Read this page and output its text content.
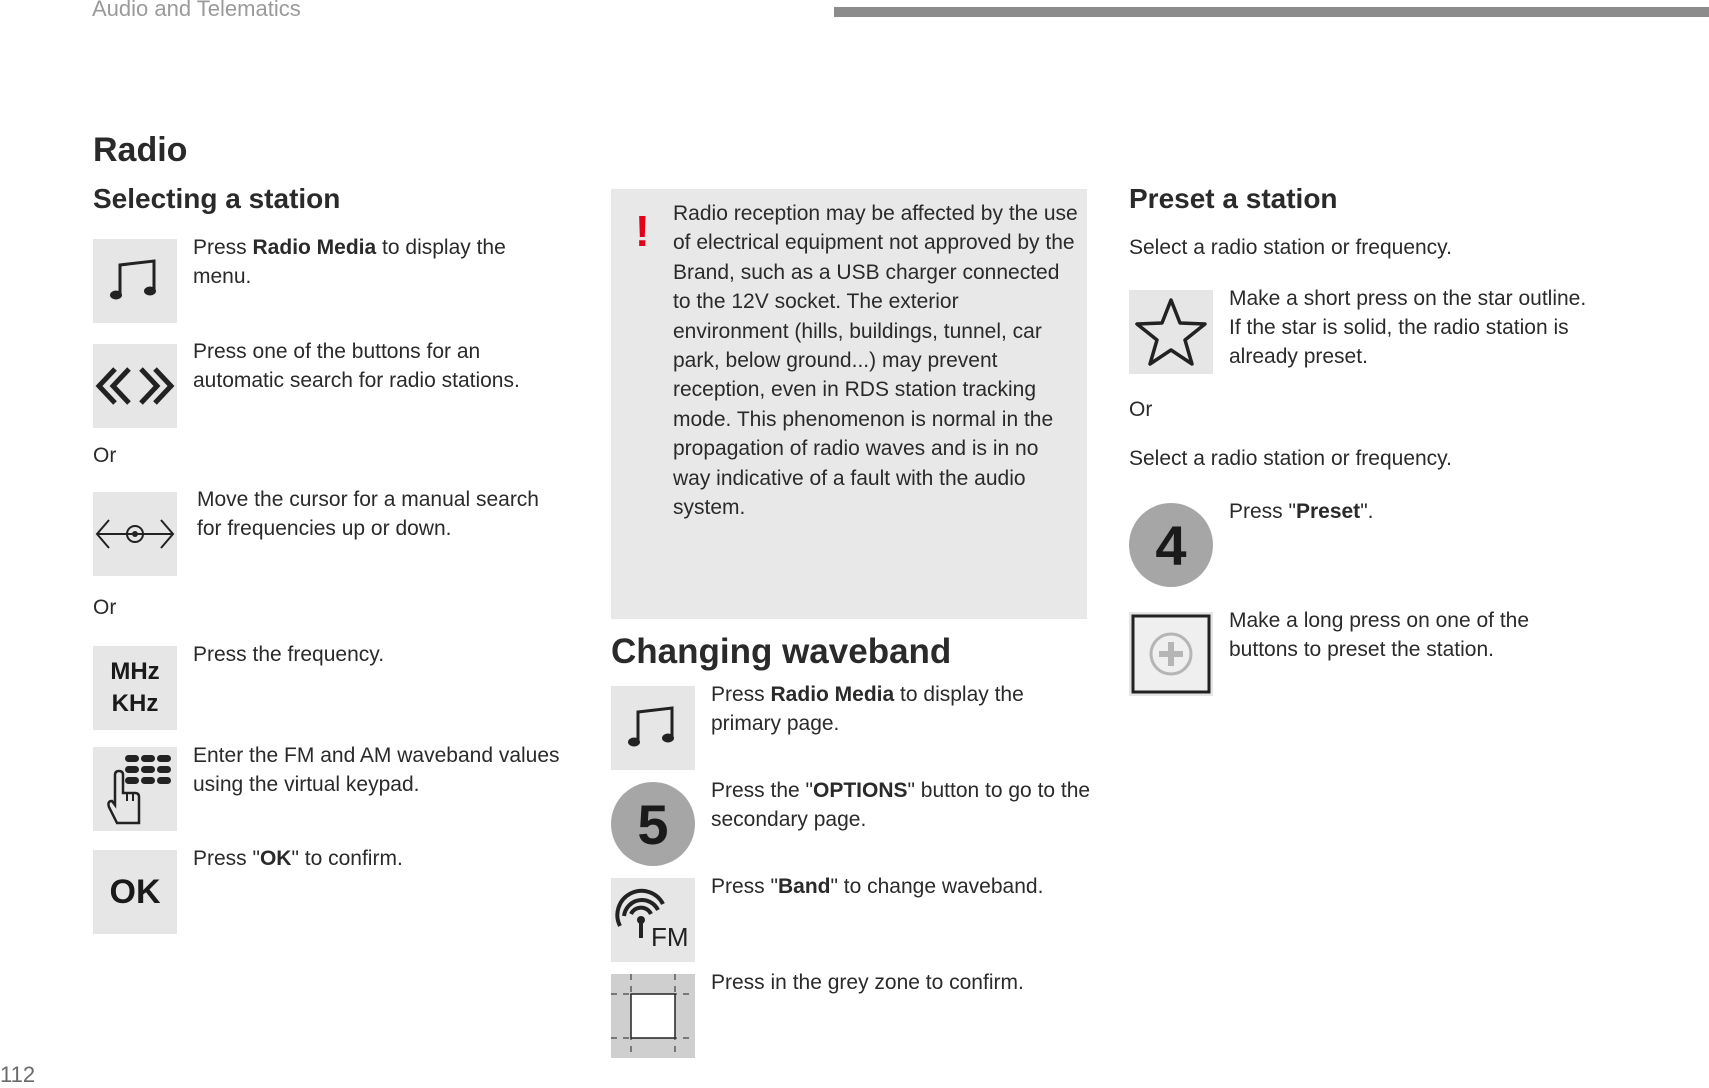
Audio and Telematics
Radio
Selecting a station
Press Radio Media to display the menu.
Press one of the buttons for an automatic search for radio stations.
Or
Move the cursor for a manual search for frequencies up or down.
Or
MHz
KHz
Press the frequency.
Enter the FM and AM waveband values using the virtual keypad.
OK
Press "OK" to confirm.
! Radio reception may be affected by the use of electrical equipment not approved by the Brand, such as a USB charger connected to the 12V socket. The exterior environment (hills, buildings, tunnel, car park, below ground...) may prevent reception, even in RDS station tracking mode. This phenomenon is normal in the propagation of radio waves and is in no way indicative of a fault with the audio system.
Changing waveband
Press Radio Media to display the primary page.
5
Press the "OPTIONS" button to go to the secondary page.
FM
Press "Band" to change waveband.
Press in the grey zone to confirm.
Preset a station
Select a radio station or frequency.
Make a short press on the star outline. If the star is solid, the radio station is already preset.
Or
Select a radio station or frequency.
4
Press "Preset".
Make a long press on one of the buttons to preset the station.
112
